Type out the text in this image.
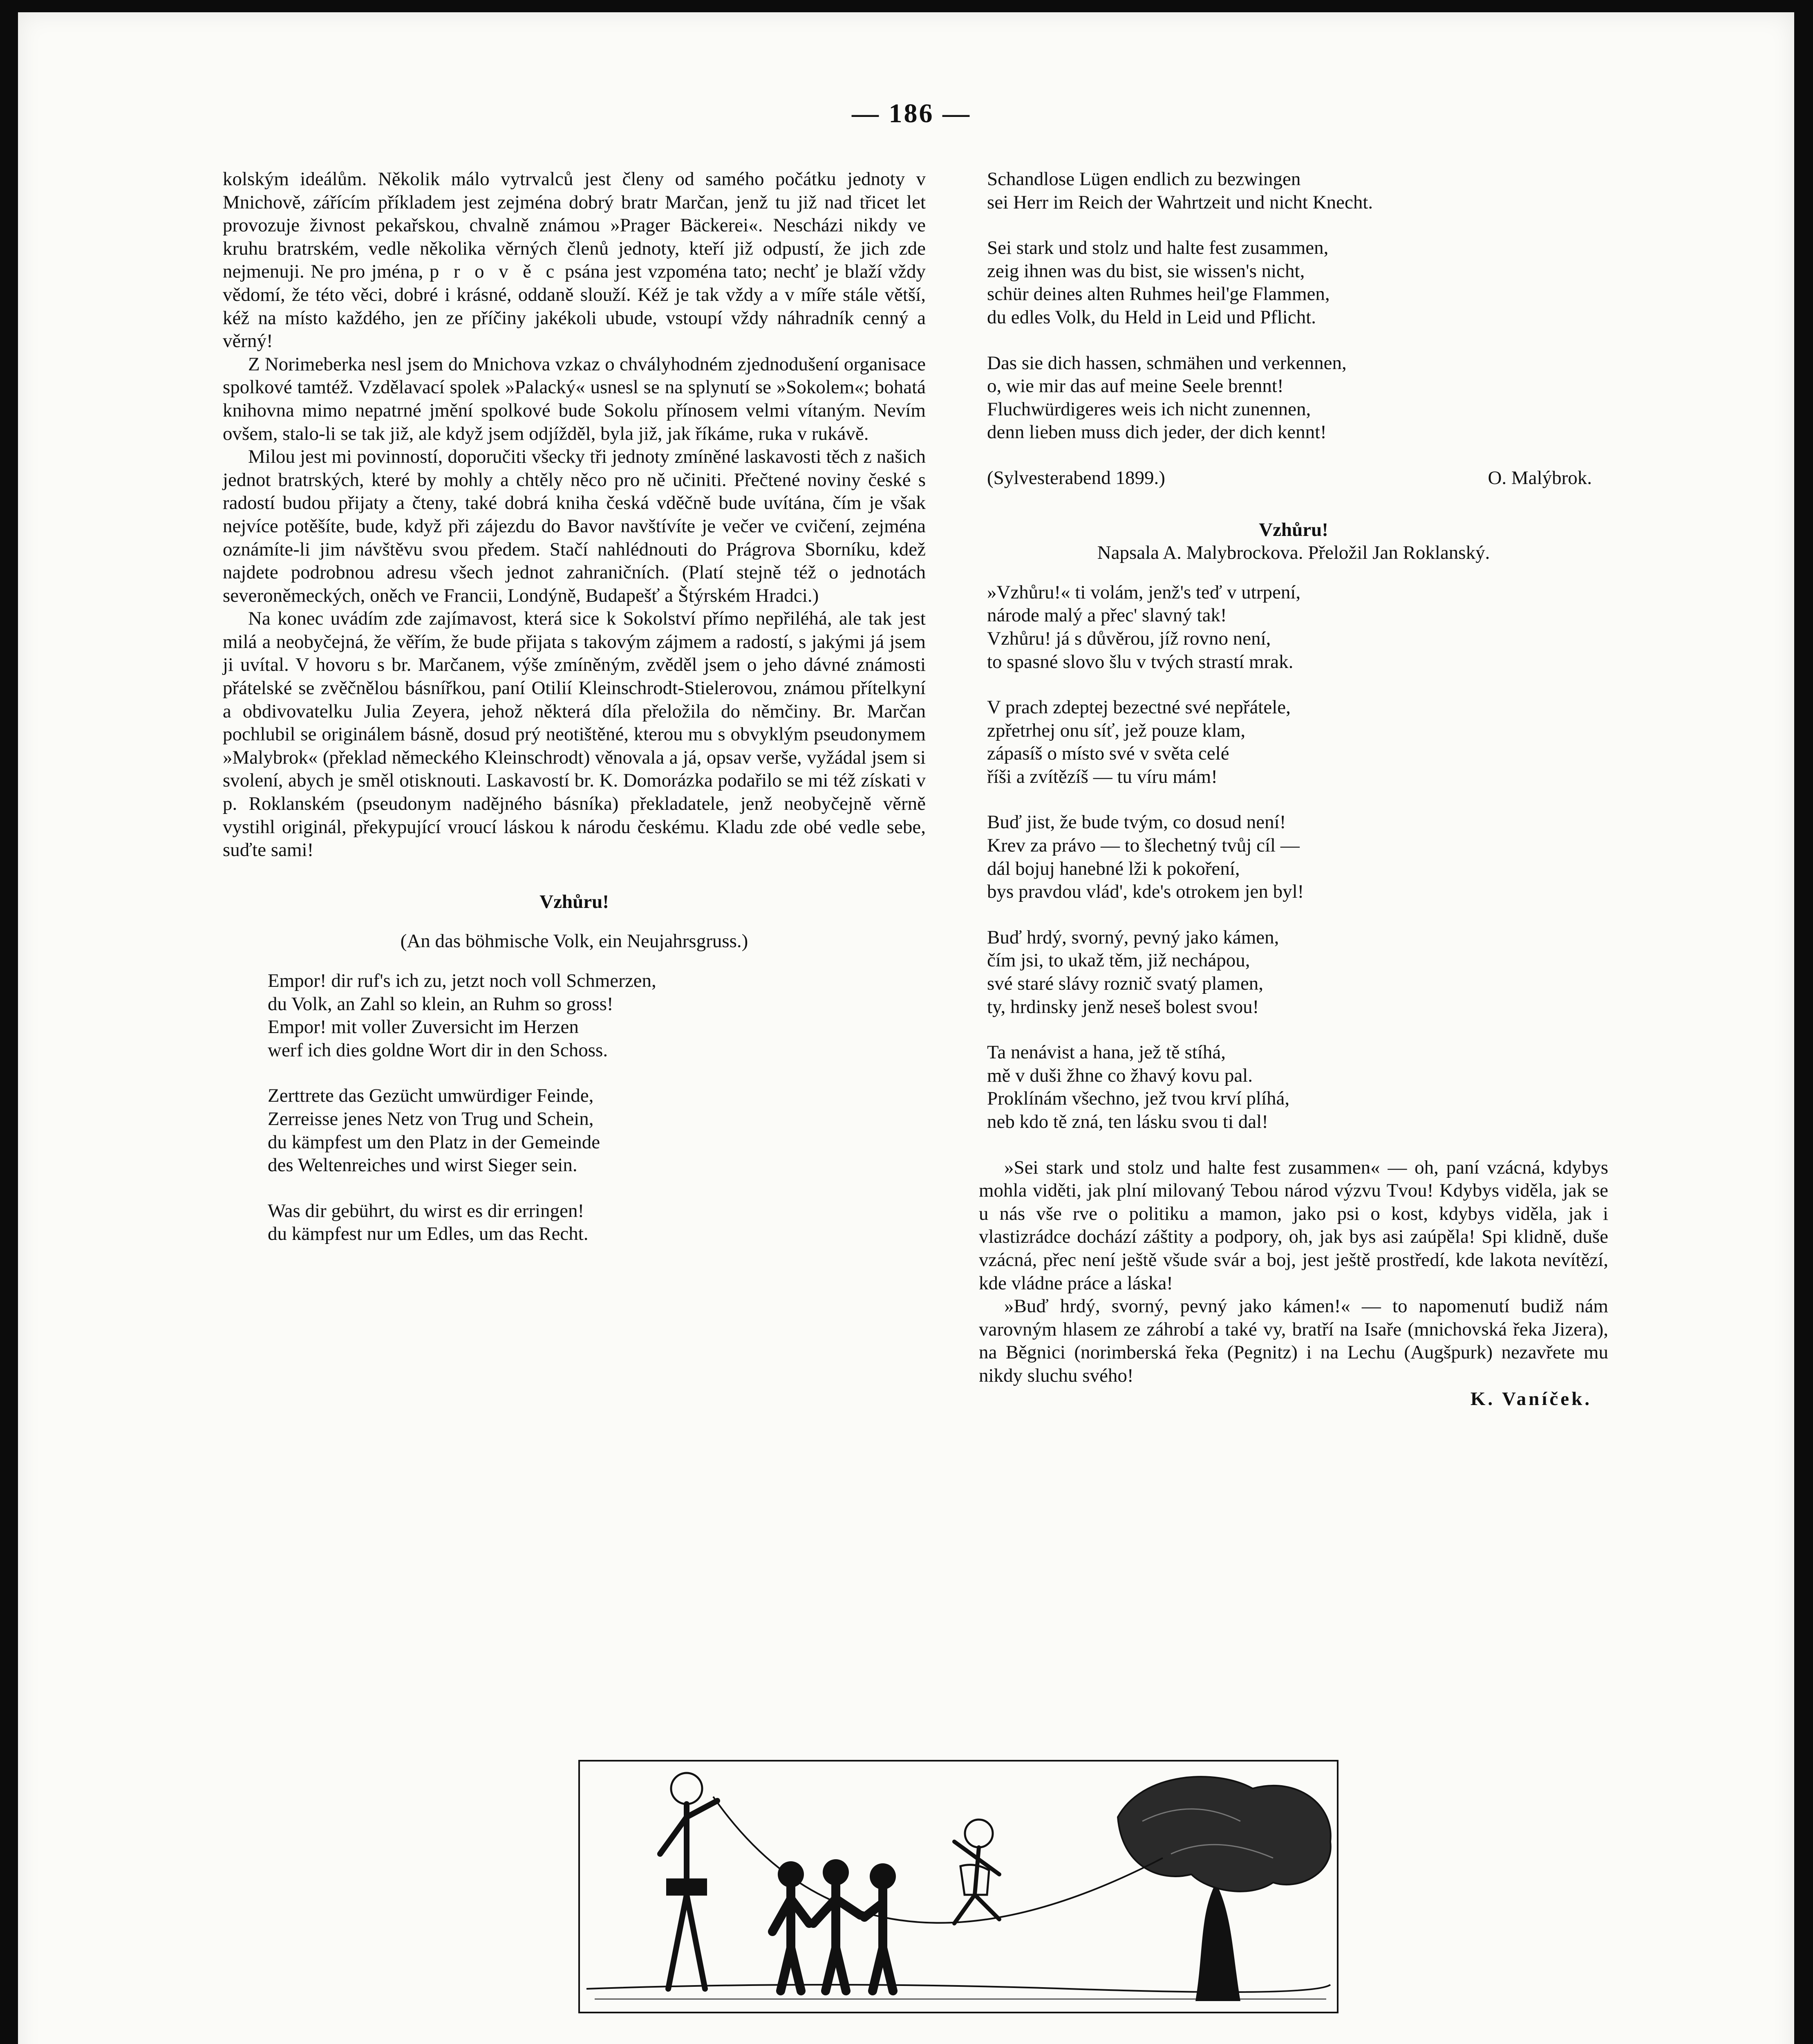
— 186 —

kolským ideálům. Několik málo vytrvalců jest členy od samého počátku jednoty v Mnichově, zářícím příkladem jest zejména dobrý bratr Marčan, jenž tu již nad třicet let provozuje živnost pekařskou, chvalně známou »Prager Bäckerei«. Nescházi nikdy ve kruhu bratrském, vedle několika věrných členů jednoty, kteří již odpustí, že jich zde nejmenuji. Ne pro jména, p r o v ě c psána jest vzpoména tato; nechť je blaží vždy vědomí, že této věci, dobré i krásné, oddaně slouží. Kéž je tak vždy a v míře stále větší, kéž na místo každého, jen ze příčiny jakékoli ubude, vstoupí vždy náhradník cenný a věrný!

Z Norimeberka nesl jsem do Mnichova vzkaz o chvályhodném zjednodušení organisace spolkové tamtéž. Vzdělavací spolek »Palacký« usnesl se na splynutí se »Sokolem«; bohatá knihovna mimo nepatrné jmění spolkové bude Sokolu přínosem velmi vítaným. Nevím ovšem, stalo-li se tak již, ale když jsem odjížděl, byla již, jak říkáme, ruka v rukávě.

Milou jest mi povinností, doporučiti všecky tři jednoty zmíněné laskavosti těch z našich jednot bratrských, které by mohly a chtěly něco pro ně učiniti. Přečtené noviny české s radostí budou přijaty a čteny, také dobrá kniha česká vděčně bude uvítána, čím je však nejvíce potěšíte, bude, když při zájezdu do Bavor navštívíte je večer ve cvičení, zejména oznámíte-li jim návštěvu svou předem. Stačí nahlédnouti do Prágrova Sborníku, kdež najdete podrobnou adresu všech jednot zahraničních. (Platí stejně též o jednotách severoněmeckých, oněch ve Francii, Londýně, Budapešť a Štýrském Hradci.)

Na konec uvádím zde zajímavost, která sice k Sokolství přímo nepřiléhá, ale tak jest milá a neobyčejná, že věřím, že bude přijata s takovým zájmem a radostí, s jakými já jsem ji uvítal. V hovoru s br. Marčanem, výše zmíněným, zvěděl jsem o jeho dávné známosti přátelské se zvěčnělou básnířkou, paní Otilií Kleinschrodt-Stielerovou, známou přítelkyní a obdivovatelku Julia Zeyera, jehož některá díla přeložila do němčiny. Br. Marčan pochlubil se originálem básně, dosud prý neotištěné, kterou mu s obvyklým pseudonymem »Malybrok« (překlad německého Kleinschrodt) věnovala a já, opsav verše, vyžádal jsem si svolení, abych je směl otisknouti. Laskavostí br. K. Domorázka podařilo se mi též získati v p. Roklanském (pseudonym nadějného básníka) překladatele, jenž neobyčejně věrně vystihl originál, překypující vroucí láskou k národu českému. Kladu zde obé vedle sebe, suďte sami!

Vzhůru!

(An das böhmische Volk, ein Neujahrsgruss.)

Empor! dir ruf's ich zu, jetzt noch voll Schmerzen,
du Volk, an Zahl so klein, an Ruhm so gross!
Empor! mit voller Zuversicht im Herzen
werf ich dies goldne Wort dir in den Schoss.
Zerttrete das Gezücht umwürdiger Feinde,
Zerreisse jenes Netz von Trug und Schein,
du kämpfest um den Platz in der Gemeinde
des Weltenreiches und wirst Sieger sein.
Was dir gebührt, du wirst es dir erringen!
du kämpfest nur um Edles, um das Recht.
Schandlose Lügen endlich zu bezwingen
sei Herr im Reich der Wahrtzeit und nicht Knecht.
Sei stark und stolz und halte fest zusammen,
zeig ihnen was du bist, sie wissen's nicht,
schür deines alten Ruhmes heil'ge Flammen,
du edles Volk, du Held in Leid und Pflicht.
Das sie dich hassen, schmähen und verkennen,
o, wie mir das auf meine Seele brennt!
Fluchwürdigeres weis ich nicht zunennen,
denn lieben muss dich jeder, der dich kennt!
(Sylvesterabend 1899.)	O. Malýbrok.

Vzhůru!

Napsala A. Malybrockova. Přeložil Jan Roklanský.

»Vzhůru!« ti volám, jenž's teď v utrpení,
národe malý a přec' slavný tak!
Vzhůru! já s důvěrou, jíž rovno není,
to spasné slovo šlu v tvých strastí mrak.
V prach zdeptej bezectné své nepřátele,
zpřetrhej onu síť, jež pouze klam,
zápasíš o místo své v světa celé
říši a zvítězíš — tu víru mám!
Buď jist, že bude tvým, co dosud není!
Krev za právo — to šlechetný tvůj cíl —
dál bojuj hanebné lži k pokoření,
bys pravdou vlád', kde's otrokem jen byl!
Buď hrdý, svorný, pevný jako kámen,
čím jsi, to ukaž těm, již nechápou,
své staré slávy roznič svatý plamen,
ty, hrdinsky jenž neseš bolest svou!
Ta nenávist a hana, jež tě stíhá,
mě v duši žhne co žhavý kovu pal.
Proklínám všechno, jež tvou krví plíhá,
neb kdo tě zná, ten lásku svou ti dal!

»Sei stark und stolz und halte fest zusammen« — oh, paní vzácná, kdybys mohla viděti, jak plní milovaný Tebou národ výzvu Tvou! Kdybys viděla, jak se u nás vše rve o politiku a mamon, jako psi o kost, kdybys viděla, jak i vlastizrádce dochází záštity a podpory, oh, jak bys asi zaúpěla! Spi klidně, duše vzácná, přec není ještě všude svár a boj, jest ještě prostředí, kde lakota nevítězí, kde vládne práce a láska!

»Buď hrdý, svorný, pevný jako kámen!« — to napomenutí budiž nám varovným hlasem ze záhrobí a také vy, bratří na Isaře (mnichovská řeka Jizera), na Běgnici (norimberská řeka (Pegnitz) i na Lechu (Augšpurk) nezavřete mu nikdy sluchu svého!

K. Vaníček.
